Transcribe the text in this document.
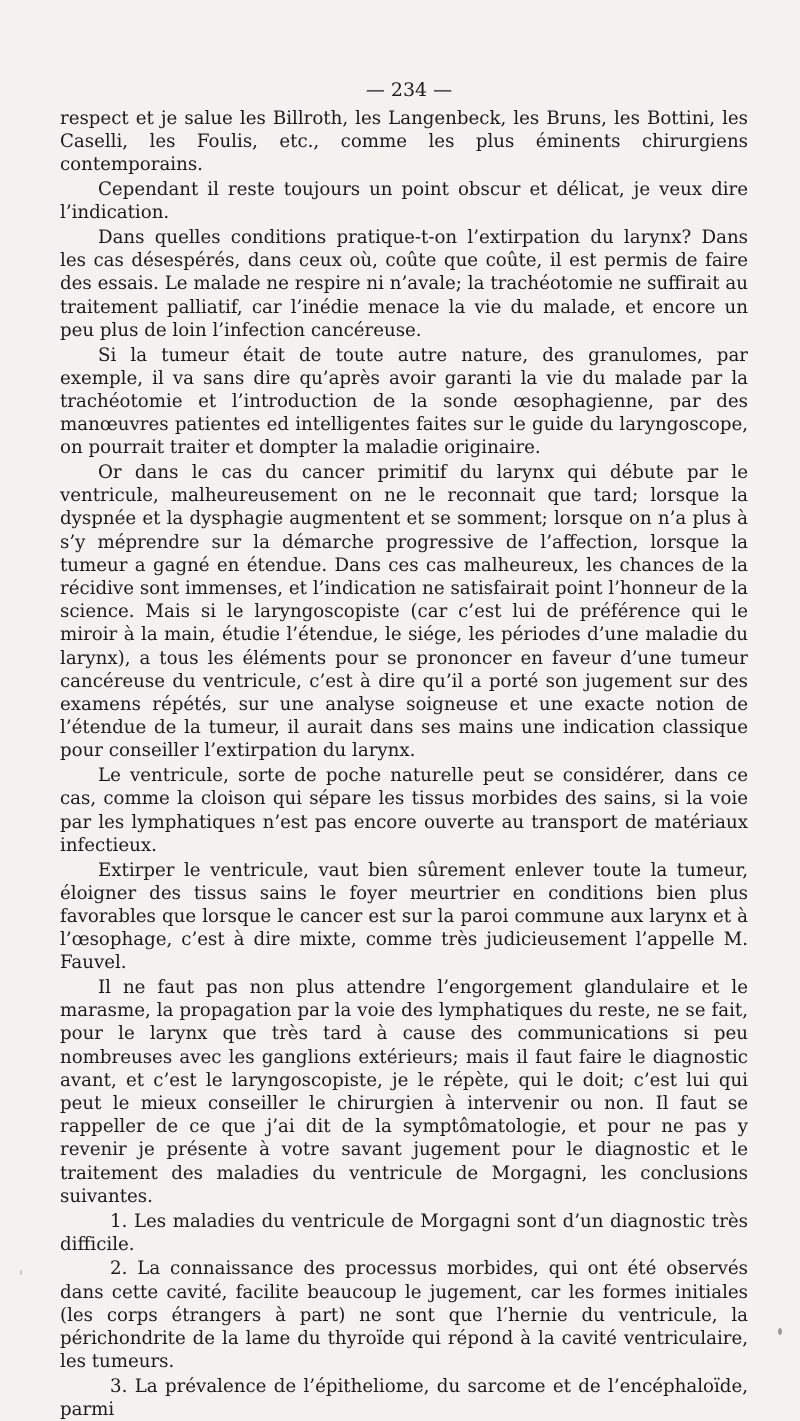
— 234 —

respect et je salue les Billroth, les Langenbeck, les Bruns, les Bottini, les Caselli, les Foulis, etc., comme les plus éminents chirurgiens contemporains.

Cependant il reste toujours un point obscur et délicat, je veux dire l’indication.

Dans quelles conditions pratique-t-on l’extirpation du larynx? Dans les cas désespérés, dans ceux où, coûte que coûte, il est permis de faire des essais. Le malade ne respire ni n’avale; la trachéotomie ne suffirait au traitement palliatif, car l’inédie menace la vie du malade, et encore un peu plus de loin l’infection cancéreuse.

Si la tumeur était de toute autre nature, des granulomes, par exemple, il va sans dire qu’après avoir garanti la vie du malade par la trachéotomie et l’introduction de la sonde œsophagienne, par des manœuvres patientes ed intelligentes faites sur le guide du laryngoscope, on pourrait traiter et dompter la maladie originaire.

Or dans le cas du cancer primitif du larynx qui débute par le ventricule, malheureusement on ne le reconnait que tard; lorsque la dyspnée et la dysphagie augmentent et se somment; lorsque on n’a plus à s’y méprendre sur la démarche progressive de l’affection, lorsque la tumeur a gagné en étendue. Dans ces cas malheureux, les chances de la récidive sont immenses, et l’indication ne satisfairait point l’honneur de la science. Mais si le laryngoscopiste (car c’est lui de préférence qui le miroir à la main, étudie l’étendue, le siége, les périodes d’une maladie du larynx), a tous les éléments pour se prononcer en faveur d’une tumeur cancéreuse du ventricule, c’est à dire qu’il a porté son jugement sur des examens répétés, sur une analyse soigneuse et une exacte notion de l’étendue de la tumeur, il aurait dans ses mains une indication classique pour conseiller l’extirpation du larynx.

Le ventricule, sorte de poche naturelle peut se considérer, dans ce cas, comme la cloison qui sépare les tissus morbides des sains, si la voie par les lymphatiques n’est pas encore ouverte au transport de matériaux infectieux.

Extirper le ventricule, vaut bien sûrement enlever toute la tumeur, éloigner des tissus sains le foyer meurtrier en conditions bien plus favorables que lorsque le cancer est sur la paroi commune aux larynx et à l’œsophage, c’est à dire mixte, comme très judicieusement l’appelle M. Fauvel.

Il ne faut pas non plus attendre l’engorgement glandulaire et le marasme, la propagation par la voie des lymphatiques du reste, ne se fait, pour le larynx que très tard à cause des communications si peu nombreuses avec les ganglions extérieurs; mais il faut faire le diagnostic avant, et c’est le laryngoscopiste, je le répète, qui le doit; c’est lui qui peut le mieux conseiller le chirurgien à intervenir ou non. Il faut se rappeller de ce que j’ai dit de la symptômatologie, et pour ne pas y revenir je présente à votre savant jugement pour le diagnostic et le traitement des maladies du ventricule de Morgagni, les conclusions suivantes.

1. Les maladies du ventricule de Morgagni sont d’un diagnostic très difficile.

2. La connaissance des processus morbides, qui ont été observés dans cette cavité, facilite beaucoup le jugement, car les formes initiales (les corps étrangers à part) ne sont que l’hernie du ventricule, la périchondrite de la lame du thyroïde qui répond à la cavité ventriculaire, les tumeurs.

3. La prévalence de l’épitheliome, du sarcome et de l’encéphaloïde, parmi
